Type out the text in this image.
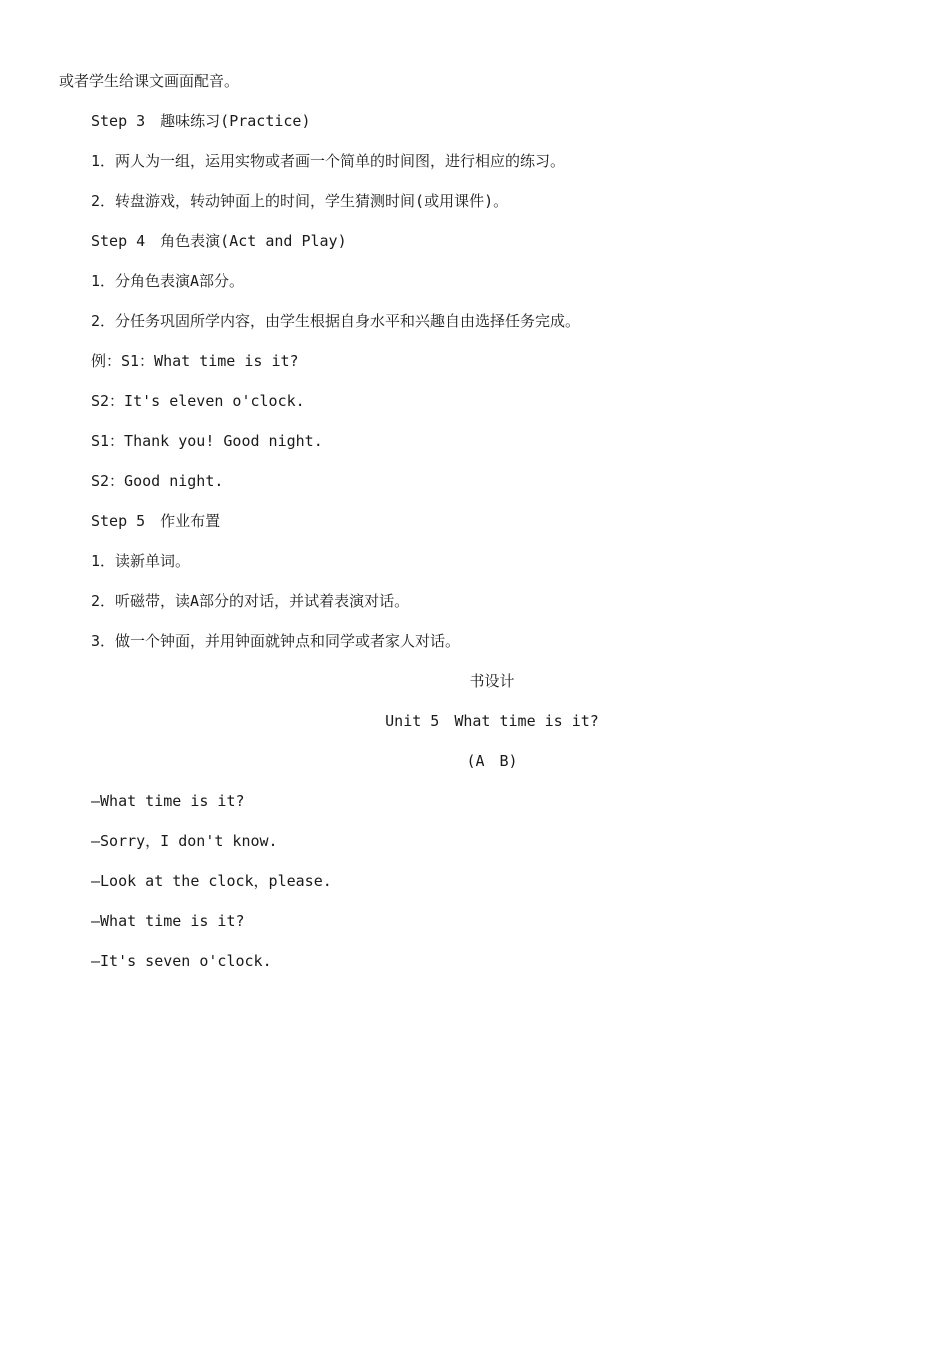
或者学生给课文画面配音。
Step 3　趣味练习(Practice)
1．两人为一组，运用实物或者画一个简单的时间图，进行相应的练习。
2．转盘游戏，转动钟面上的时间，学生猜测时间(或用课件)。
Step 4　角色表演(Act and Play)
1．分角色表演A部分。
2．分任务巩固所学内容，由学生根据自身水平和兴趣自由选择任务完成。
例：S1：What time is it?
S2：It's eleven o'clock.
S1：Thank you! Good night.
S2：Good night.
Step 5　作业布置
1．读新单词。
2．听磁带，读A部分的对话，并试着表演对话。
3．做一个钟面，并用钟面就钟点和同学或者家人对话。
书设计
Unit 5　What time is it?
(A　B)
—What time is it?
—Sorry，I don't know.
—Look at the clock，please.
—What time is it?
—It's seven o'clock.
